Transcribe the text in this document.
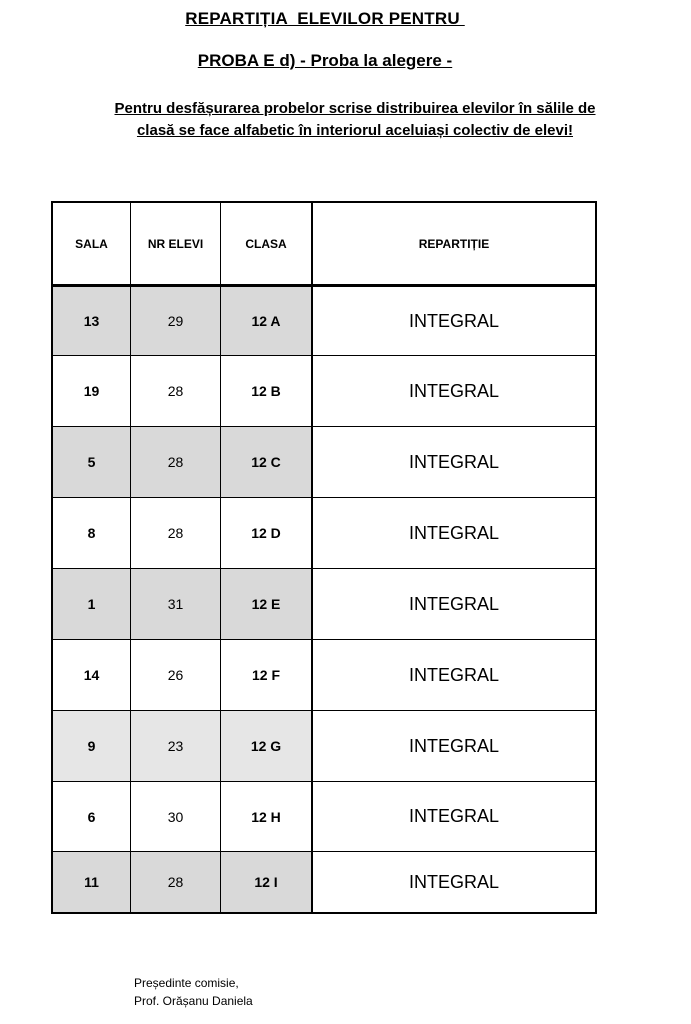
REPARTIȚIA  ELEVILOR PENTRU
PROBA E d) - Proba la alegere -
Pentru desfășurarea probelor scrise distribuirea elevilor în sălile de
clasă se face alfabetic în interiorul aceluiași colectiv de elevi!
SALA	NR ELEVI	CLASA	REPARTIȚIE
13	29	12 A	INTEGRAL
19	28	12 B	INTEGRAL
5	28	12 C	INTEGRAL
8	28	12 D	INTEGRAL
1	31	12 E	INTEGRAL
14	26	12 F	INTEGRAL
9	23	12 G	INTEGRAL
6	30	12 H	INTEGRAL
11	28	12 I	INTEGRAL
Președinte comisie,
Prof. Orășanu Daniela
